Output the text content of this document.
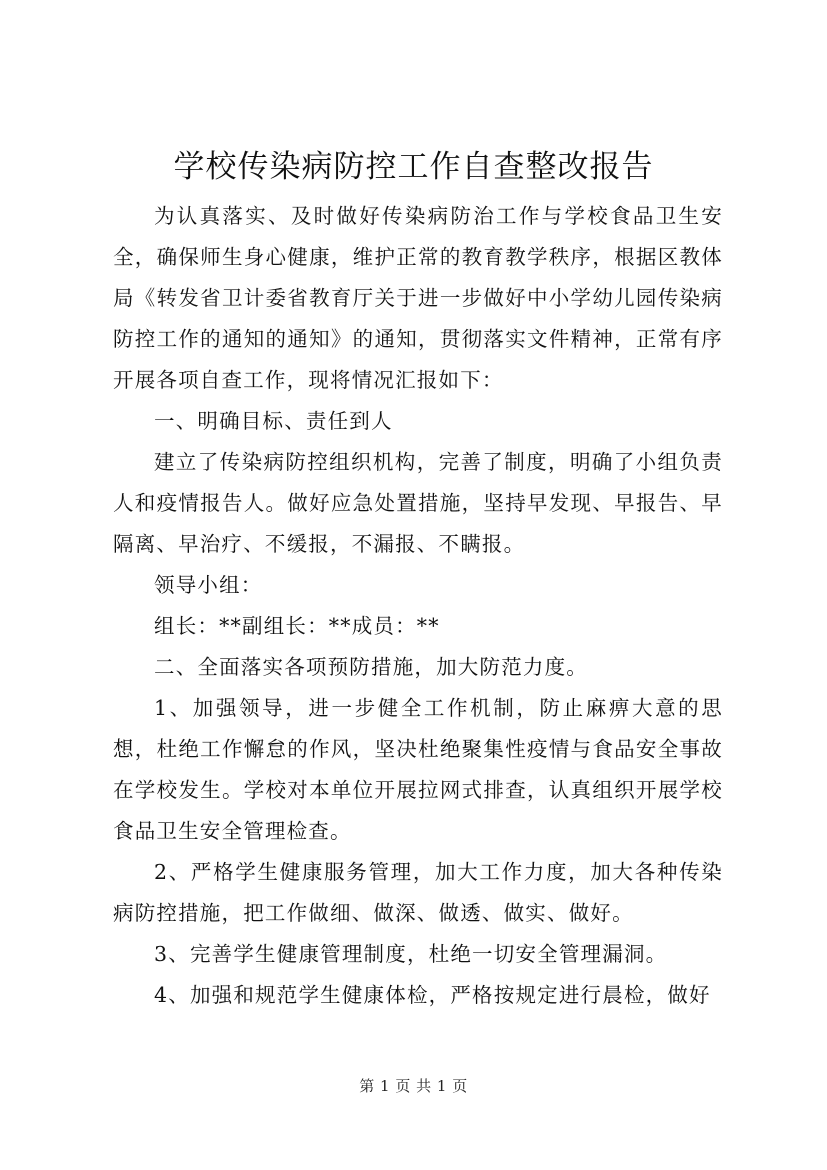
学校传染病防控工作自查整改报告

为认真落实、及时做好传染病防治工作与学校食品卫生安全，确保师生身心健康，维护正常的教育教学秩序，根据区教体局《转发省卫计委省教育厅关于进一步做好中小学幼儿园传染病防控工作的通知的通知》的通知，贯彻落实文件精神，正常有序开展各项自查工作，现将情况汇报如下：

一、明确目标、责任到人

建立了传染病防控组织机构，完善了制度，明确了小组负责人和疫情报告人。做好应急处置措施，坚持早发现、早报告、早隔离、早治疗、不缓报，不漏报、不瞒报。

领导小组：

组长：**副组长：**成员：**

二、全面落实各项预防措施，加大防范力度。

1、加强领导，进一步健全工作机制，防止麻痹大意的思想，杜绝工作懈怠的作风，坚决杜绝聚集性疫情与食品安全事故在学校发生。学校对本单位开展拉网式排查，认真组织开展学校食品卫生安全管理检查。

2、严格学生健康服务管理，加大工作力度，加大各种传染病防控措施，把工作做细、做深、做透、做实、做好。

3、完善学生健康管理制度，杜绝一切安全管理漏洞。

4、加强和规范学生健康体检，严格按规定进行晨检，做好

第 1 页 共 1 页
